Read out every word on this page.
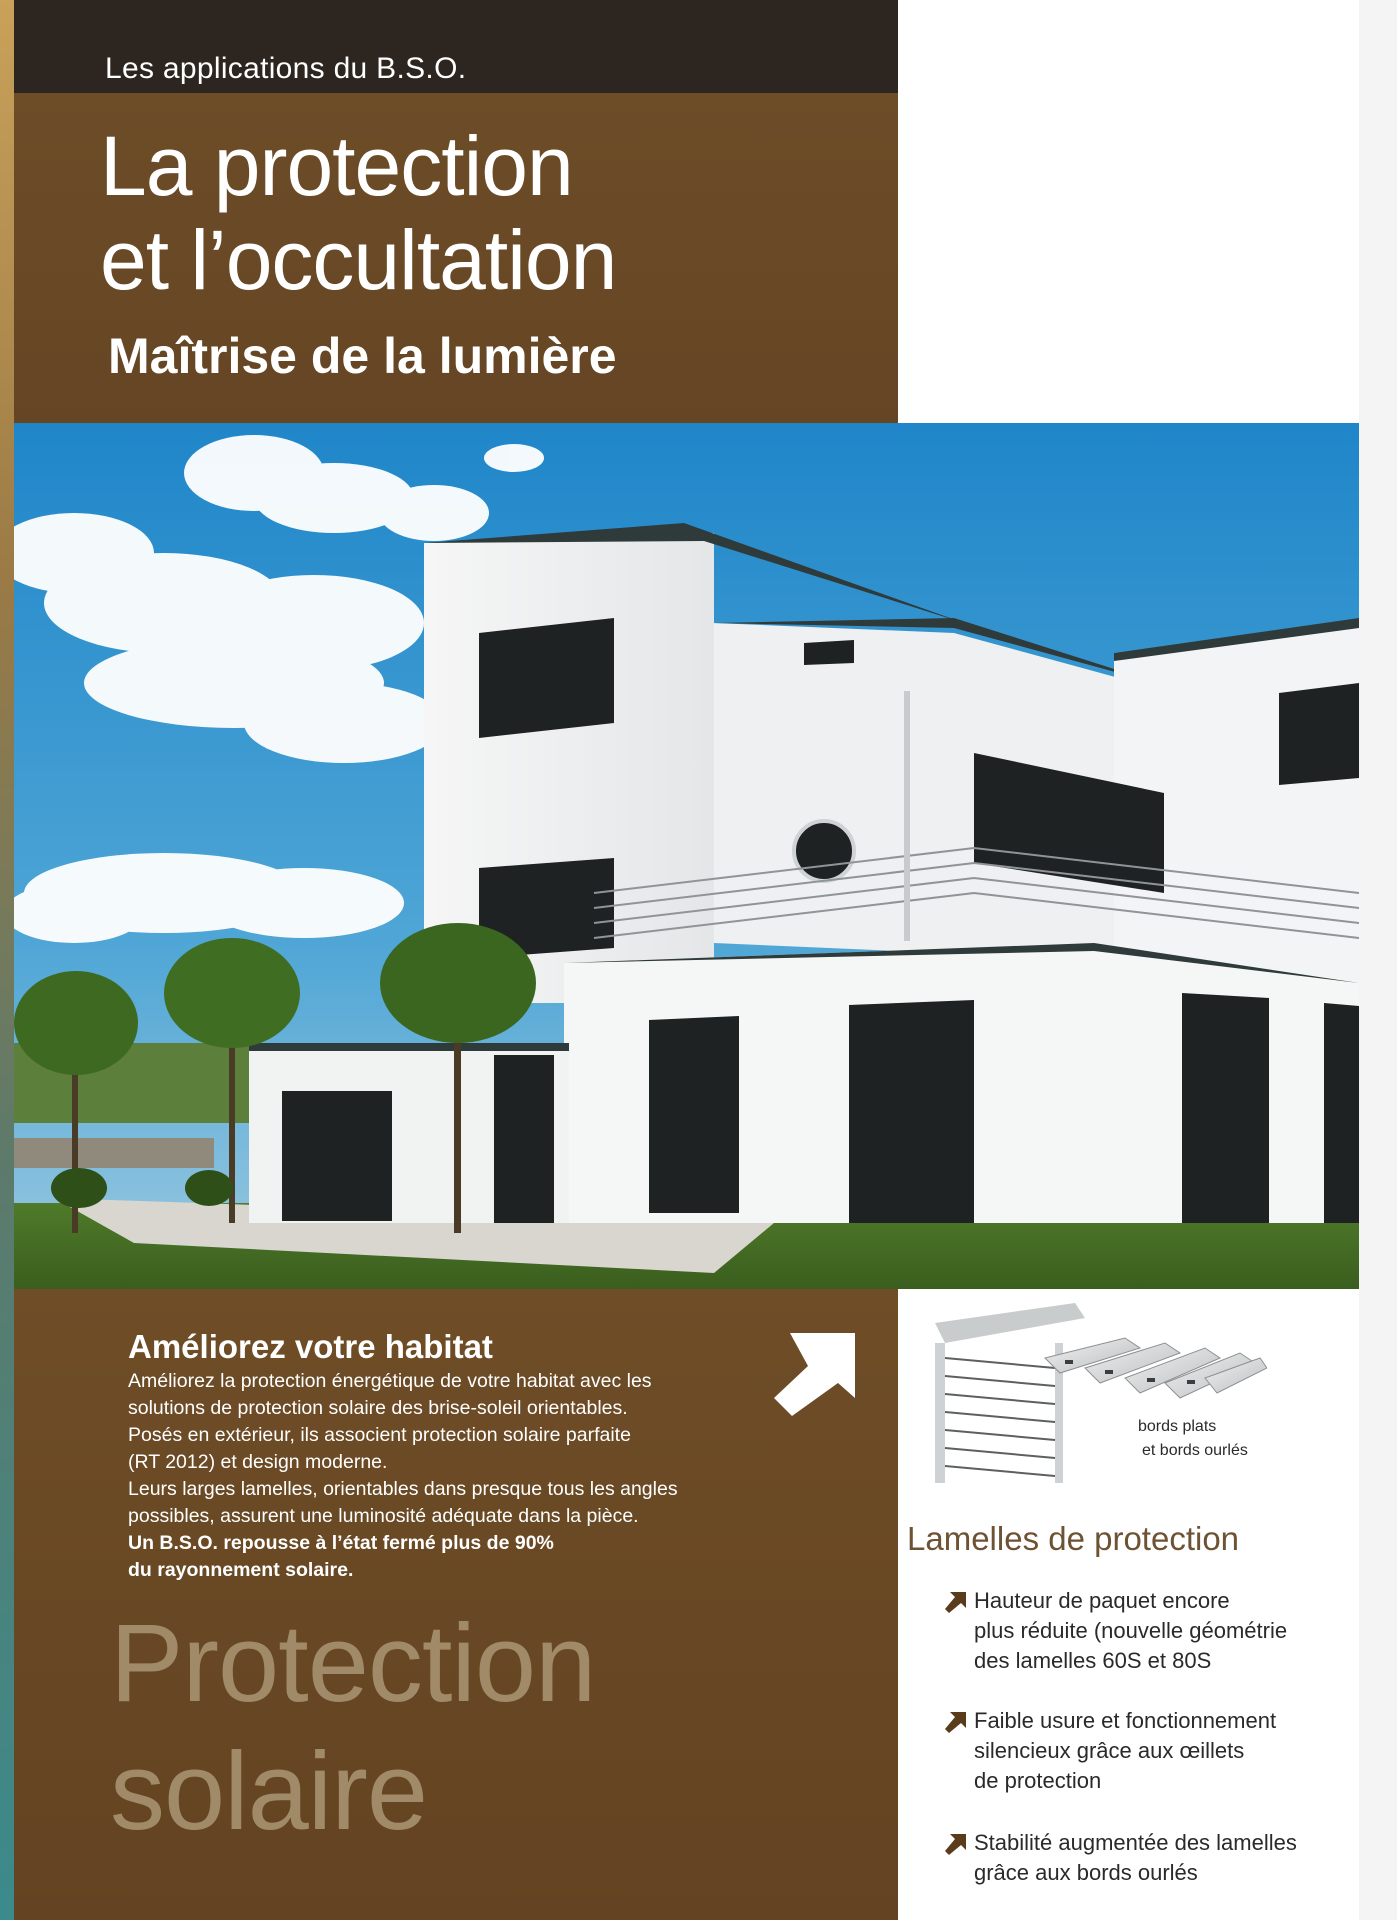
Les applications du B.S.O.
La protection
et l’occultation
Maîtrise de la lumière
Améliorez votre habitat

Améliorez la protection énergétique de votre habitat avec les

solutions de protection solaire des brise-soleil orientables.

Posés en extérieur, ils associent protection solaire parfaite

(RT 2012) et design moderne.

Leurs larges lamelles, orientables dans presque tous les angles

possibles, assurent une luminosité adéquate dans la pièce.

Un B.S.O. repousse à l’état fermé plus de 90%

du rayonnement solaire.

Protection
solaire
bords plats
et bords ourlés
Lamelles de protection
Hauteur de paquet encore
plus réduite (nouvelle géométrie
des lamelles 60S et 80S
Faible usure et fonctionnement
silencieux grâce aux œillets
de protection
Stabilité augmentée des lamelles
grâce aux bords ourlés
